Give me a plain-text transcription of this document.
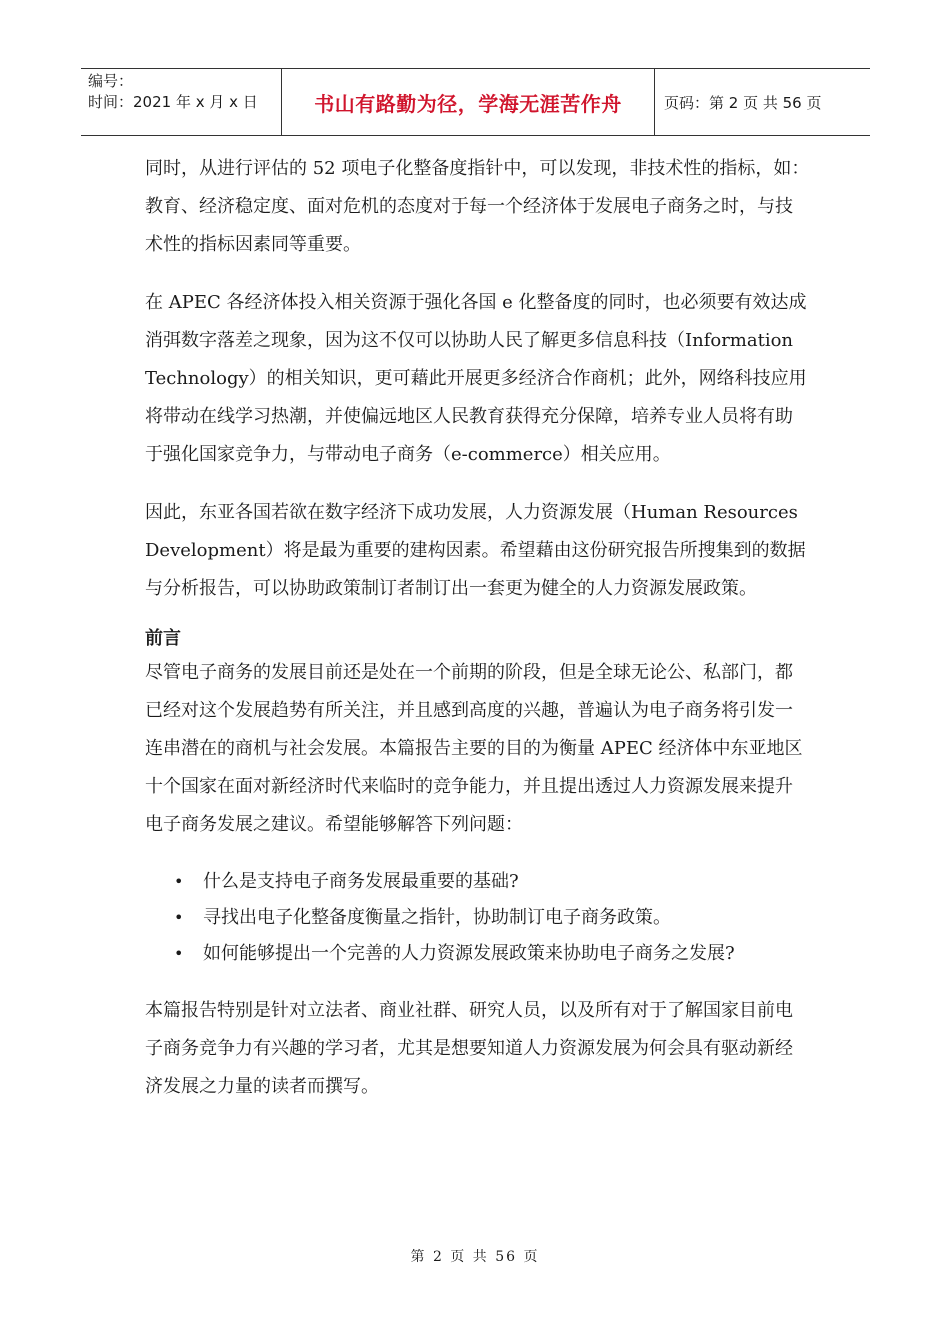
编号：
时间：2021 年 x 月 x 日	书山有路勤为径，学海无涯苦作舟	页码：第 2 页 共 56 页

同时，从进行评估的 52 项电子化整备度指针中，可以发现，非技术性的指标，如：教育、经济稳定度、面对危机的态度对于每一个经济体于发展电子商务之时，与技术性的指标因素同等重要。

在 APEC 各经济体投入相关资源于强化各国 e 化整备度的同时，也必须要有效达成消弭数字落差之现象，因为这不仅可以协助人民了解更多信息科技（Information Technology）的相关知识，更可藉此开展更多经济合作商机；此外，网络科技应用将带动在线学习热潮，并使偏远地区人民教育获得充分保障，培养专业人员将有助于强化国家竞争力，与带动电子商务（e-commerce）相关应用。

因此，东亚各国若欲在数字经济下成功发展，人力资源发展（Human Resources Development）将是最为重要的建构因素。希望藉由这份研究报告所搜集到的数据与分析报告，可以协助政策制订者制订出一套更为健全的人力资源发展政策。

前言

尽管电子商务的发展目前还是处在一个前期的阶段，但是全球无论公、私部门，都已经对这个发展趋势有所关注，并且感到高度的兴趣，普遍认为电子商务将引发一连串潜在的商机与社会发展。本篇报告主要的目的为衡量 APEC 经济体中东亚地区十个国家在面对新经济时代来临时的竞争能力，并且提出透过人力资源发展来提升电子商务发展之建议。希望能够解答下列问题：

• 什么是支持电子商务发展最重要的基础?
• 寻找出电子化整备度衡量之指针，协助制订电子商务政策。
• 如何能够提出一个完善的人力资源发展政策来协助电子商务之发展?

本篇报告特别是针对立法者、商业社群、研究人员，以及所有对于了解国家目前电子商务竞争力有兴趣的学习者，尤其是想要知道人力资源发展为何会具有驱动新经济发展之力量的读者而撰写。

第 2 页 共 56 页
